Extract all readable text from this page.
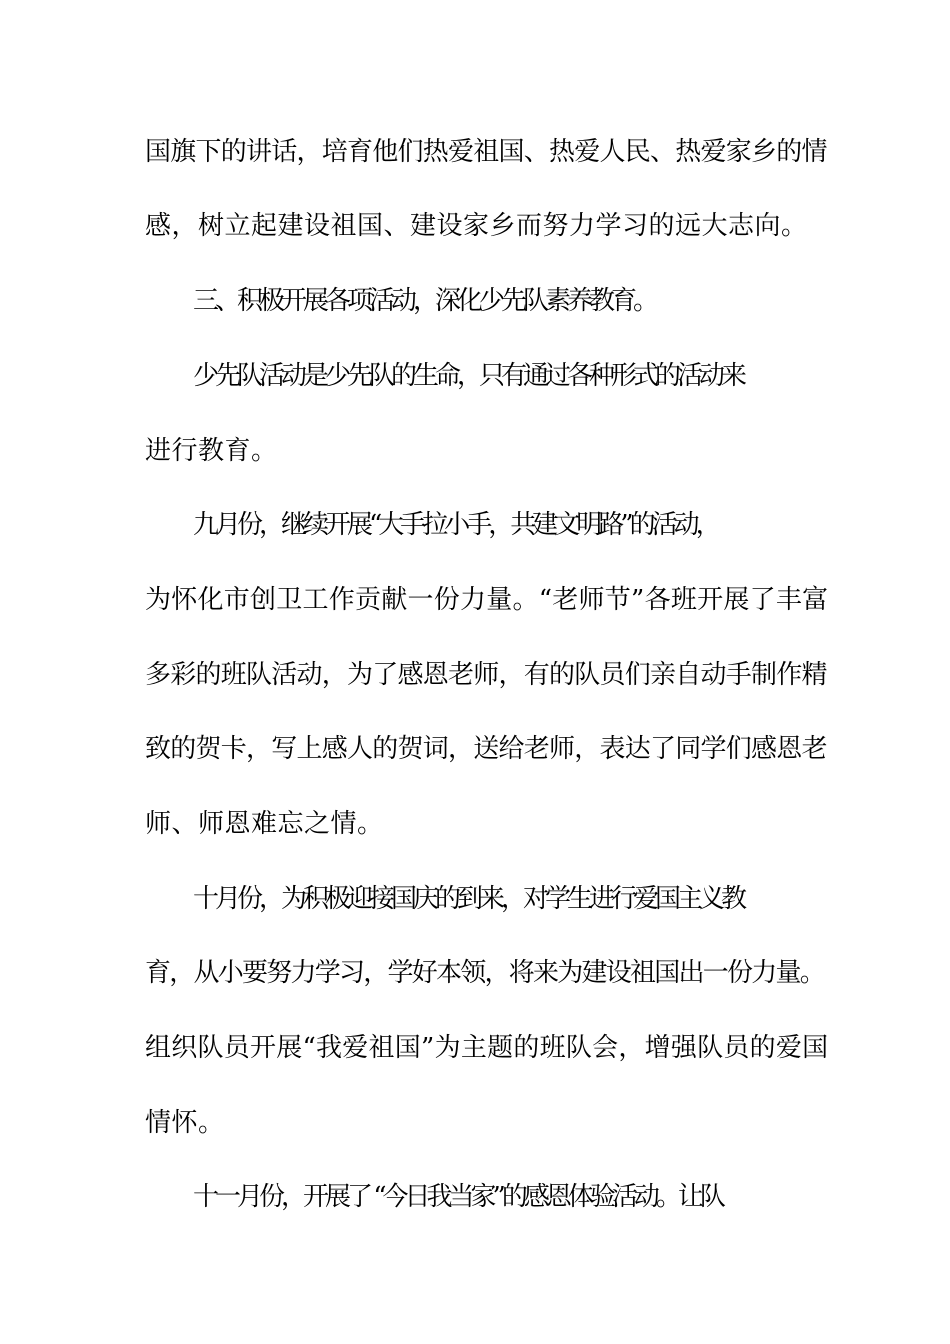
国旗下的讲话，培育他们热爱祖国、热爱人民、热爱家乡的情
感，树立起建设祖国、建设家乡而努力学习的远大志向。
三、积极开展各项活动，深化少先队素养教育。
少先队活动是少先队的生命，只有通过各种形式的活动来
进行教育。
九月份，继续开展“大手拉小手，共建文明路”的活动，
为怀化市创卫工作贡献一份力量。“老师节”各班开展了丰富
多彩的班队活动，为了感恩老师，有的队员们亲自动手制作精
致的贺卡，写上感人的贺词，送给老师，表达了同学们感恩老
师、师恩难忘之情。
十月份，为积极迎接国庆的到来，对学生进行爱国主义教
育，从小要努力学习，学好本领，将来为建设祖国出一份力量。
组织队员开展“我爱祖国”为主题的班队会，增强队员的爱国
情怀。
十一月份，开展了 “今日我当家”的感恩体验活动。让队
